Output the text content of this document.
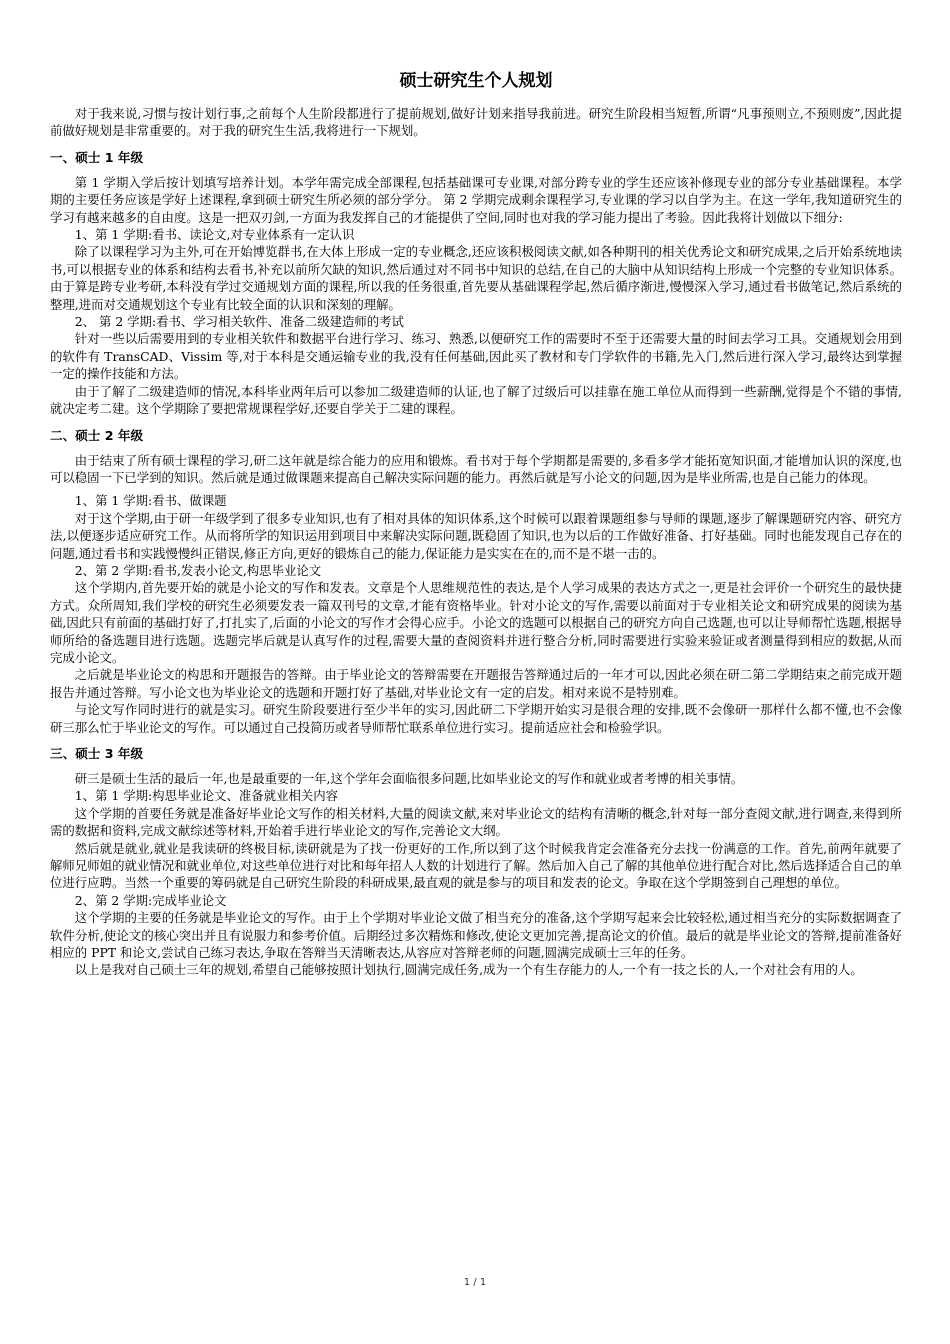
硕士研究生个人规划

对于我来说,习惯与按计划行事,之前每个人生阶段都进行了提前规划,做好计划来指导我前进。研究生阶段相当短暂,所谓“凡事预则立,不预则废”,因此提前做好规划是非常重要的。对于我的研究生生活,我将进行一下规划。

一、硕士 1 年级

第 1 学期入学后按计划填写培养计划。本学年需完成全部课程,包括基础课可专业课,对部分跨专业的学生还应该补修现专业的部分专业基础课程。本学期的主要任务应该是学好上述课程,拿到硕士研究生所必须的部分学分。 第 2 学期完成剩余课程学习,专业课的学习以自学为主。在这一学年,我知道研究生的学习有越来越多的自由度。这是一把双刃剑,一方面为我发挥自己的才能提供了空间,同时也对我的学习能力提出了考验。因此我将计划做以下细分:

1、第 1 学期:看书、读论文,对专业体系有一定认识

除了以课程学习为主外,可在开始博览群书,在大体上形成一定的专业概念,还应该积极阅读文献,如各种期刊的相关优秀论文和研究成果,之后开始系统地读书,可以根据专业的体系和结构去看书,补充以前所欠缺的知识,然后通过对不同书中知识的总结,在自己的大脑中从知识结构上形成一个完整的专业知识体系。由于算是跨专业考研,本科没有学过交通规划方面的课程,所以我的任务很重,首先要从基础课程学起,然后循序渐进,慢慢深入学习,通过看书做笔记,然后系统的整理,进而对交通规划这个专业有比较全面的认识和深刻的理解。

2、 第 2 学期:看书、学习相关软件、准备二级建造师的考试

针对一些以后需要用到的专业相关软件和数据平台进行学习、练习、熟悉,以便研究工作的需要时不至于还需要大量的时间去学习工具。交通规划会用到的软件有 TransCAD、Vissim 等,对于本科是交通运输专业的我,没有任何基础,因此买了教材和专门学软件的书籍,先入门,然后进行深入学习,最终达到掌握一定的操作技能和方法。

由于了解了二级建造师的情况,本科毕业两年后可以参加二级建造师的认证,也了解了过级后可以挂靠在施工单位从而得到一些薪酬,觉得是个不错的事情,就决定考二建。这个学期除了要把常规课程学好,还要自学关于二建的课程。

二、硕士 2 年级

由于结束了所有硕士课程的学习,研二这年就是综合能力的应用和锻炼。看书对于每个学期都是需要的,多看多学才能拓宽知识面,才能增加认识的深度,也可以稳固一下已学到的知识。然后就是通过做课题来提高自己解决实际问题的能力。再然后就是写小论文的问题,因为是毕业所需,也是自己能力的体现。

1、第 1 学期:看书、做课题

对于这个学期,由于研一年级学到了很多专业知识,也有了相对具体的知识体系,这个时候可以跟着课题组参与导师的课题,逐步了解课题研究内容、研究方法,以便逐步适应研究工作。从而将所学的知识运用到项目中来解决实际问题,既稳固了知识,也为以后的工作做好准备、打好基础。同时也能发现自己存在的问题,通过看书和实践慢慢纠正错误,修正方向,更好的锻炼自己的能力,保证能力是实实在在的,而不是不堪一击的。

2、第 2 学期:看书,发表小论文,构思毕业论文

这个学期内,首先要开始的就是小论文的写作和发表。文章是个人思维规范性的表达,是个人学习成果的表达方式之一,更是社会评价一个研究生的最快捷方式。众所周知,我们学校的研究生必须要发表一篇双刊号的文章,才能有资格毕业。针对小论文的写作,需要以前面对于专业相关论文和研究成果的阅读为基础,因此只有前面的基础打好了,打扎实了,后面的小论文的写作才会得心应手。小论文的选题可以根据自己的研究方向自己选题,也可以让导师帮忙选题,根据导师所给的备选题目进行选题。选题完毕后就是认真写作的过程,需要大量的查阅资料并进行整合分析,同时需要进行实验来验证或者测量得到相应的数据,从而完成小论文。

之后就是毕业论文的构思和开题报告的答辩。由于毕业论文的答辩需要在开题报告答辩通过后的一年才可以,因此必须在研二第二学期结束之前完成开题报告并通过答辩。写小论文也为毕业论文的选题和开题打好了基础,对毕业论文有一定的启发。相对来说不是特别难。

与论文写作同时进行的就是实习。研究生阶段要进行至少半年的实习,因此研二下学期开始实习是很合理的安排,既不会像研一那样什么都不懂,也不会像研三那么忙于毕业论文的写作。可以通过自己投简历或者导师帮忙联系单位进行实习。提前适应社会和检验学识。

三、硕士 3 年级

研三是硕士生活的最后一年,也是最重要的一年,这个学年会面临很多问题,比如毕业论文的写作和就业或者考博的相关事情。

1、第 1 学期:构思毕业论文、准备就业相关内容

这个学期的首要任务就是准备好毕业论文写作的相关材料,大量的阅读文献,来对毕业论文的结构有清晰的概念,针对每一部分查阅文献,进行调查,来得到所需的数据和资料,完成文献综述等材料,开始着手进行毕业论文的写作,完善论文大纲。

然后就是就业,就业是我读研的终极目标,读研就是为了找一份更好的工作,所以到了这个时候我肯定会准备充分去找一份满意的工作。首先,前两年就要了解师兄师姐的就业情况和就业单位,对这些单位进行对比和每年招人人数的计划进行了解。然后加入自己了解的其他单位进行配合对比,然后选择适合自己的单位进行应聘。当然一个重要的筹码就是自己研究生阶段的科研成果,最直观的就是参与的项目和发表的论文。争取在这个学期签到自己理想的单位。

2、第 2 学期:完成毕业论文

这个学期的主要的任务就是毕业论文的写作。由于上个学期对毕业论文做了相当充分的准备,这个学期写起来会比较轻松,通过相当充分的实际数据调查了软件分析,使论文的核心突出并且有说服力和参考价值。后期经过多次精炼和修改,使论文更加完善,提高论文的价值。最后的就是毕业论文的答辩,提前准备好相应的 PPT 和论文,尝试自己练习表达,争取在答辩当天清晰表达,从容应对答辩老师的问题,圆满完成硕士三年的任务。

以上是我对自己硕士三年的规划,希望自己能够按照计划执行,圆满完成任务,成为一个有生存能力的人,一个有一技之长的人,一个对社会有用的人。

1 / 1
